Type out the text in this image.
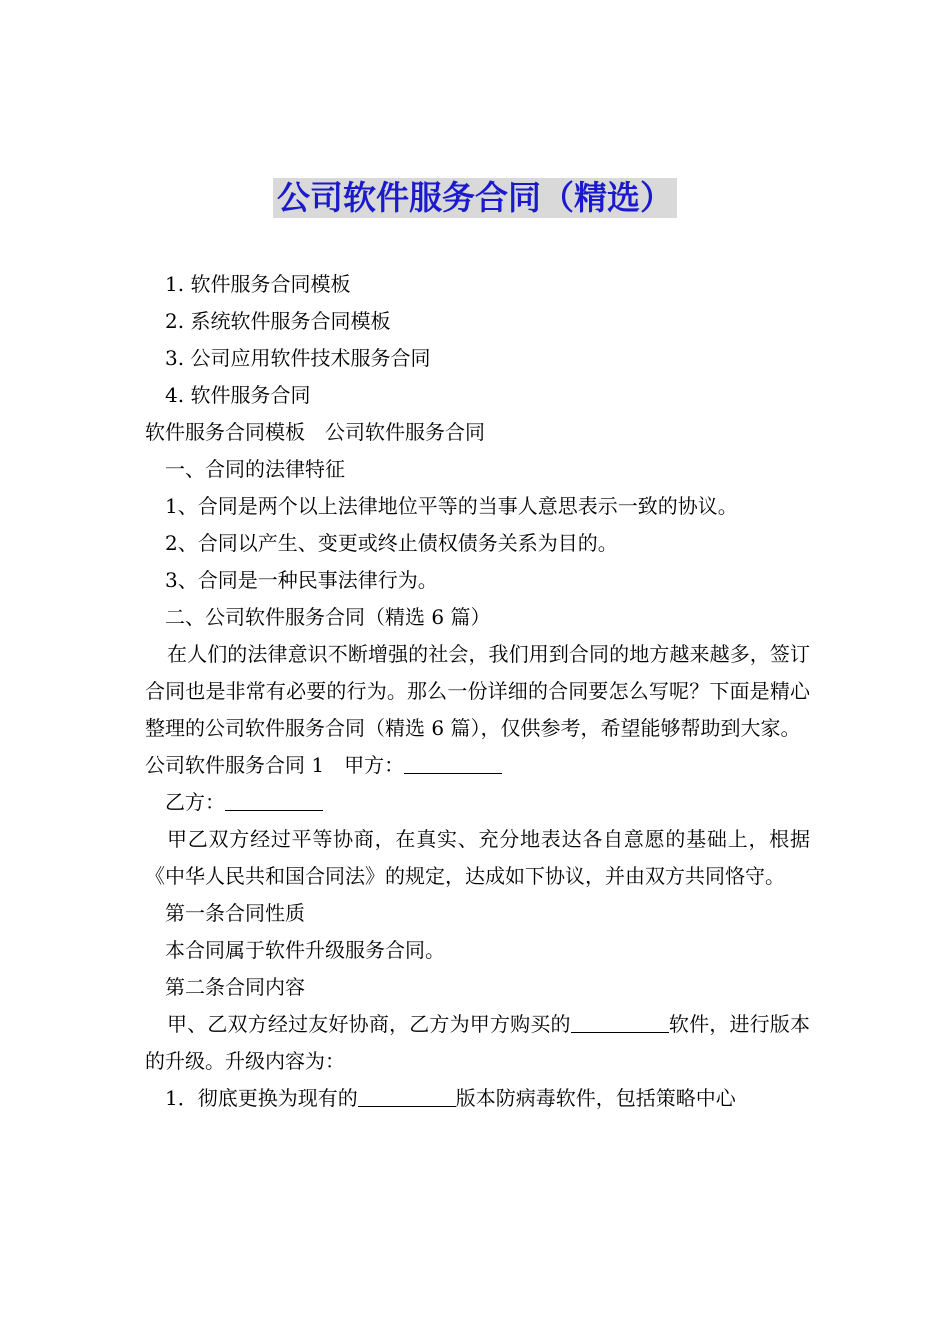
公司软件服务合同（精选）
1. 软件服务合同模板
2. 系统软件服务合同模板
3. 公司应用软件技术服务合同
4. 软件服务合同
软件服务合同模板　公司软件服务合同
一、合同的法律特征
1、合同是两个以上法律地位平等的当事人意思表示一致的协议。
2、合同以产生、变更或终止债权债务关系为目的。
3、合同是一种民事法律行为。
二、公司软件服务合同（精选 6 篇）
在人们的法律意识不断增强的社会，我们用到合同的地方越来越多，签订合同也是非常有必要的行为。那么一份详细的合同要怎么写呢？下面是精心整理的公司软件服务合同（精选 6 篇），仅供参考，希望能够帮助到大家。
公司软件服务合同 1　甲方：
乙方：
甲乙双方经过平等协商，在真实、充分地表达各自意愿的基础上，根据《中华人民共和国合同法》的规定，达成如下协议，并由双方共同恪守。
第一条合同性质
本合同属于软件升级服务合同。
第二条合同内容
甲、乙双方经过友好协商，乙方为甲方购买的	软件，进行版本的升级。升级内容为：
1．彻底更换为现有的	版本防病毒软件，包括策略中心
